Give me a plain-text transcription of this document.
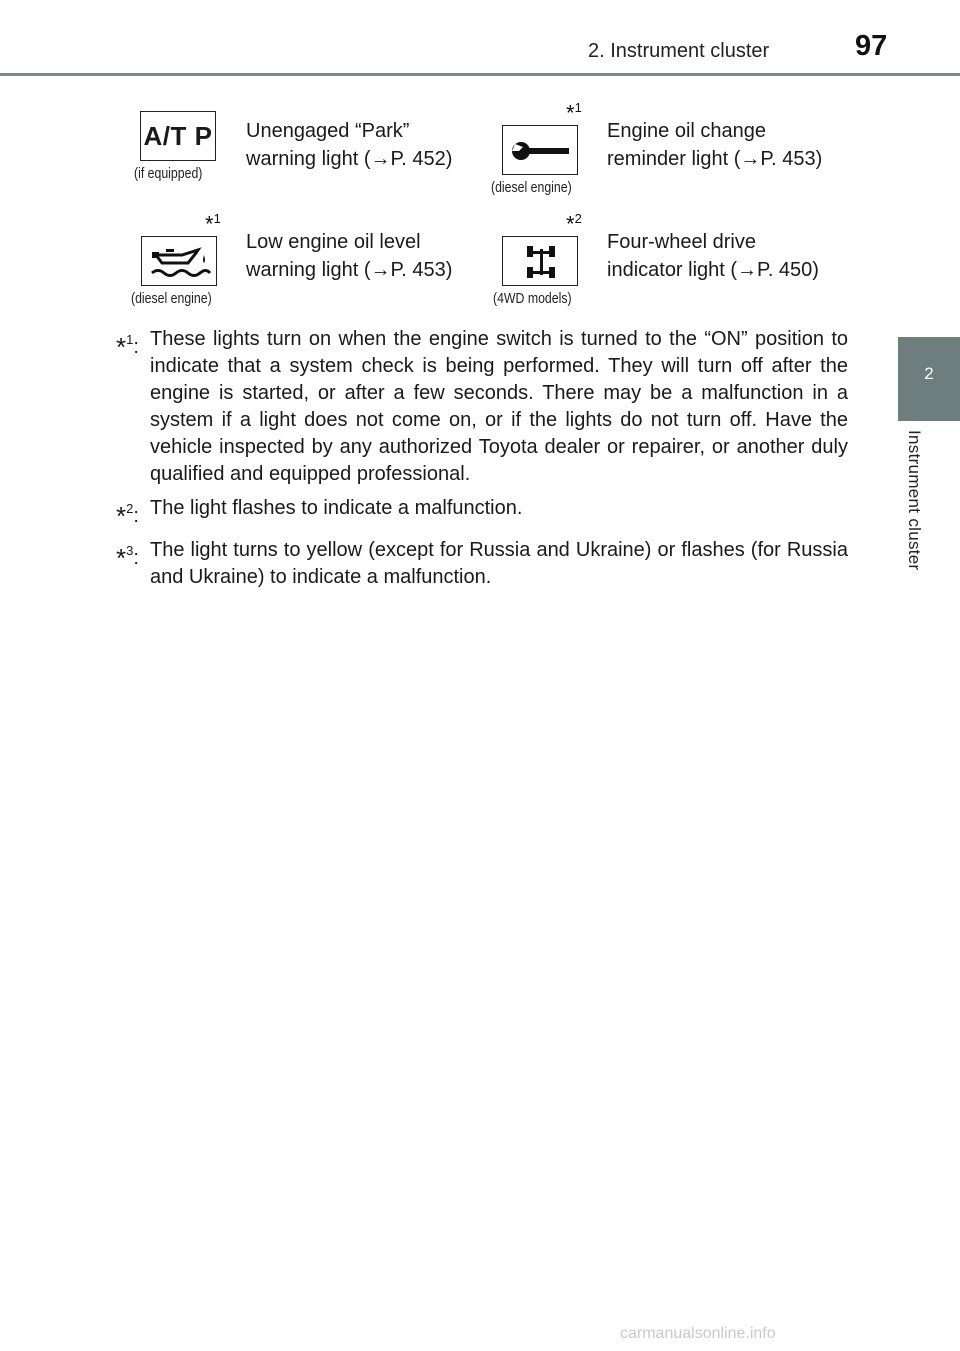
2. Instrument cluster	97
2
Instrument cluster
A/T P
(if equipped)
Unengaged “Park”
warning light (→P. 452)
*$^1$
(diesel engine)
Engine oil change
reminder light (→P. 453)
*$^1$
(diesel engine)
Low engine oil level
warning light (→P. 453)
*$^2$
(4WD models)
Four-wheel drive
indicator light (→P. 450)
*$^1$: These lights turn on when the engine switch is turned to the “ON” position to indicate that a system check is being performed. They will turn off after the engine is started, or after a few seconds. There may be a malfunction in a system if a light does not come on, or if the lights do not turn off. Have the vehicle inspected by any authorized Toyota dealer or repairer, or another duly qualified and equipped professional.
*$^2$: The light flashes to indicate a malfunction.
*$^3$: The light turns to yellow (except for Russia and Ukraine) or flashes (for Russia and Ukraine) to indicate a malfunction.
carmanualsonline.info
